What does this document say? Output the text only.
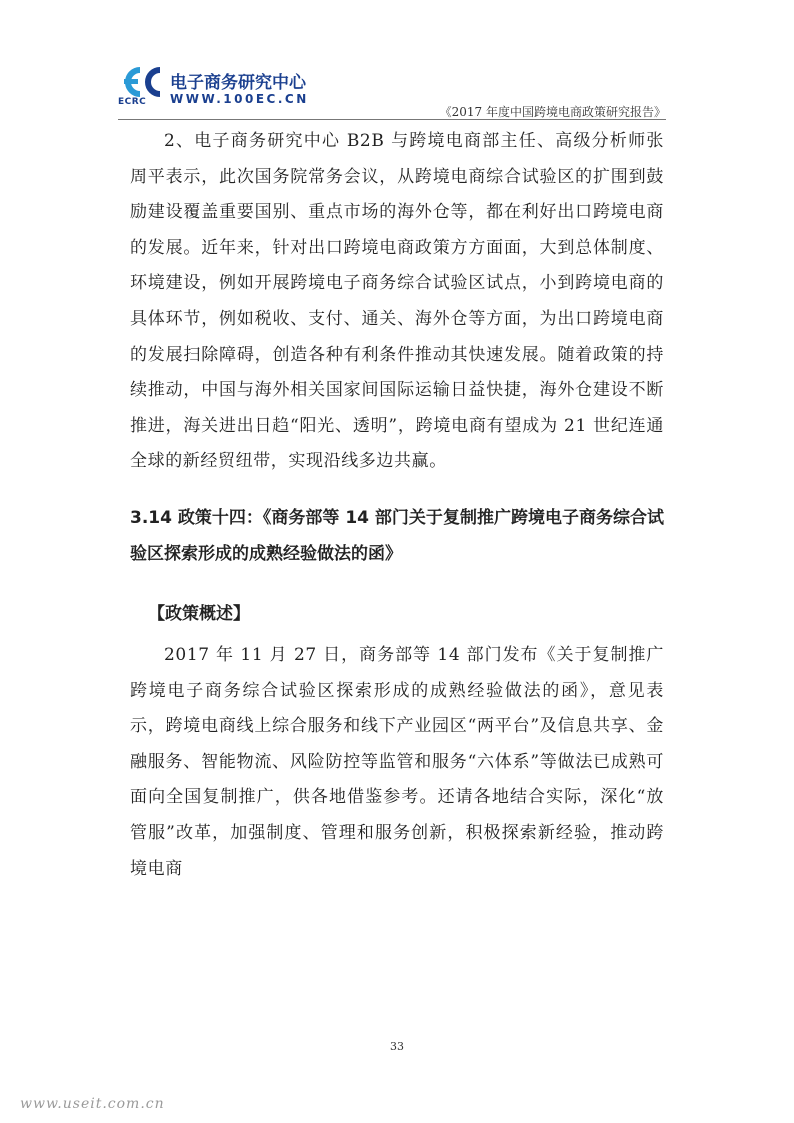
ECRC
电子商务研究中心
WWW.100EC.CN
《2017 年度中国跨境电商政策研究报告》

2、电子商务研究中心 B2B 与跨境电商部主任、高级分析师张周平表示，此次国务院常务会议，从跨境电商综合试验区的扩围到鼓励建设覆盖重要国别、重点市场的海外仓等，都在利好出口跨境电商的发展。近年来，针对出口跨境电商政策方方面面，大到总体制度、环境建设，例如开展跨境电子商务综合试验区试点，小到跨境电商的具体环节，例如税收、支付、通关、海外仓等方面，为出口跨境电商的发展扫除障碍，创造各种有利条件推动其快速发展。随着政策的持续推动，中国与海外相关国家间国际运输日益快捷，海外仓建设不断推进，海关进出日趋“阳光、透明”，跨境电商有望成为 21 世纪连通全球的新经贸纽带，实现沿线多边共赢。

3.14 政策十四：《商务部等 14 部门关于复制推广跨境电子商务综合试验区探索形成的成熟经验做法的函》

【政策概述】

2017 年 11 月 27 日，商务部等 14 部门发布《关于复制推广跨境电子商务综合试验区探索形成的成熟经验做法的函》，意见表示，跨境电商线上综合服务和线下产业园区“两平台”及信息共享、金融服务、智能物流、风险防控等监管和服务“六体系”等做法已成熟可面向全国复制推广，供各地借鉴参考。还请各地结合实际，深化“放管服”改革，加强制度、管理和服务创新，积极探索新经验，推动跨境电商

33
www.useit.com.cn
